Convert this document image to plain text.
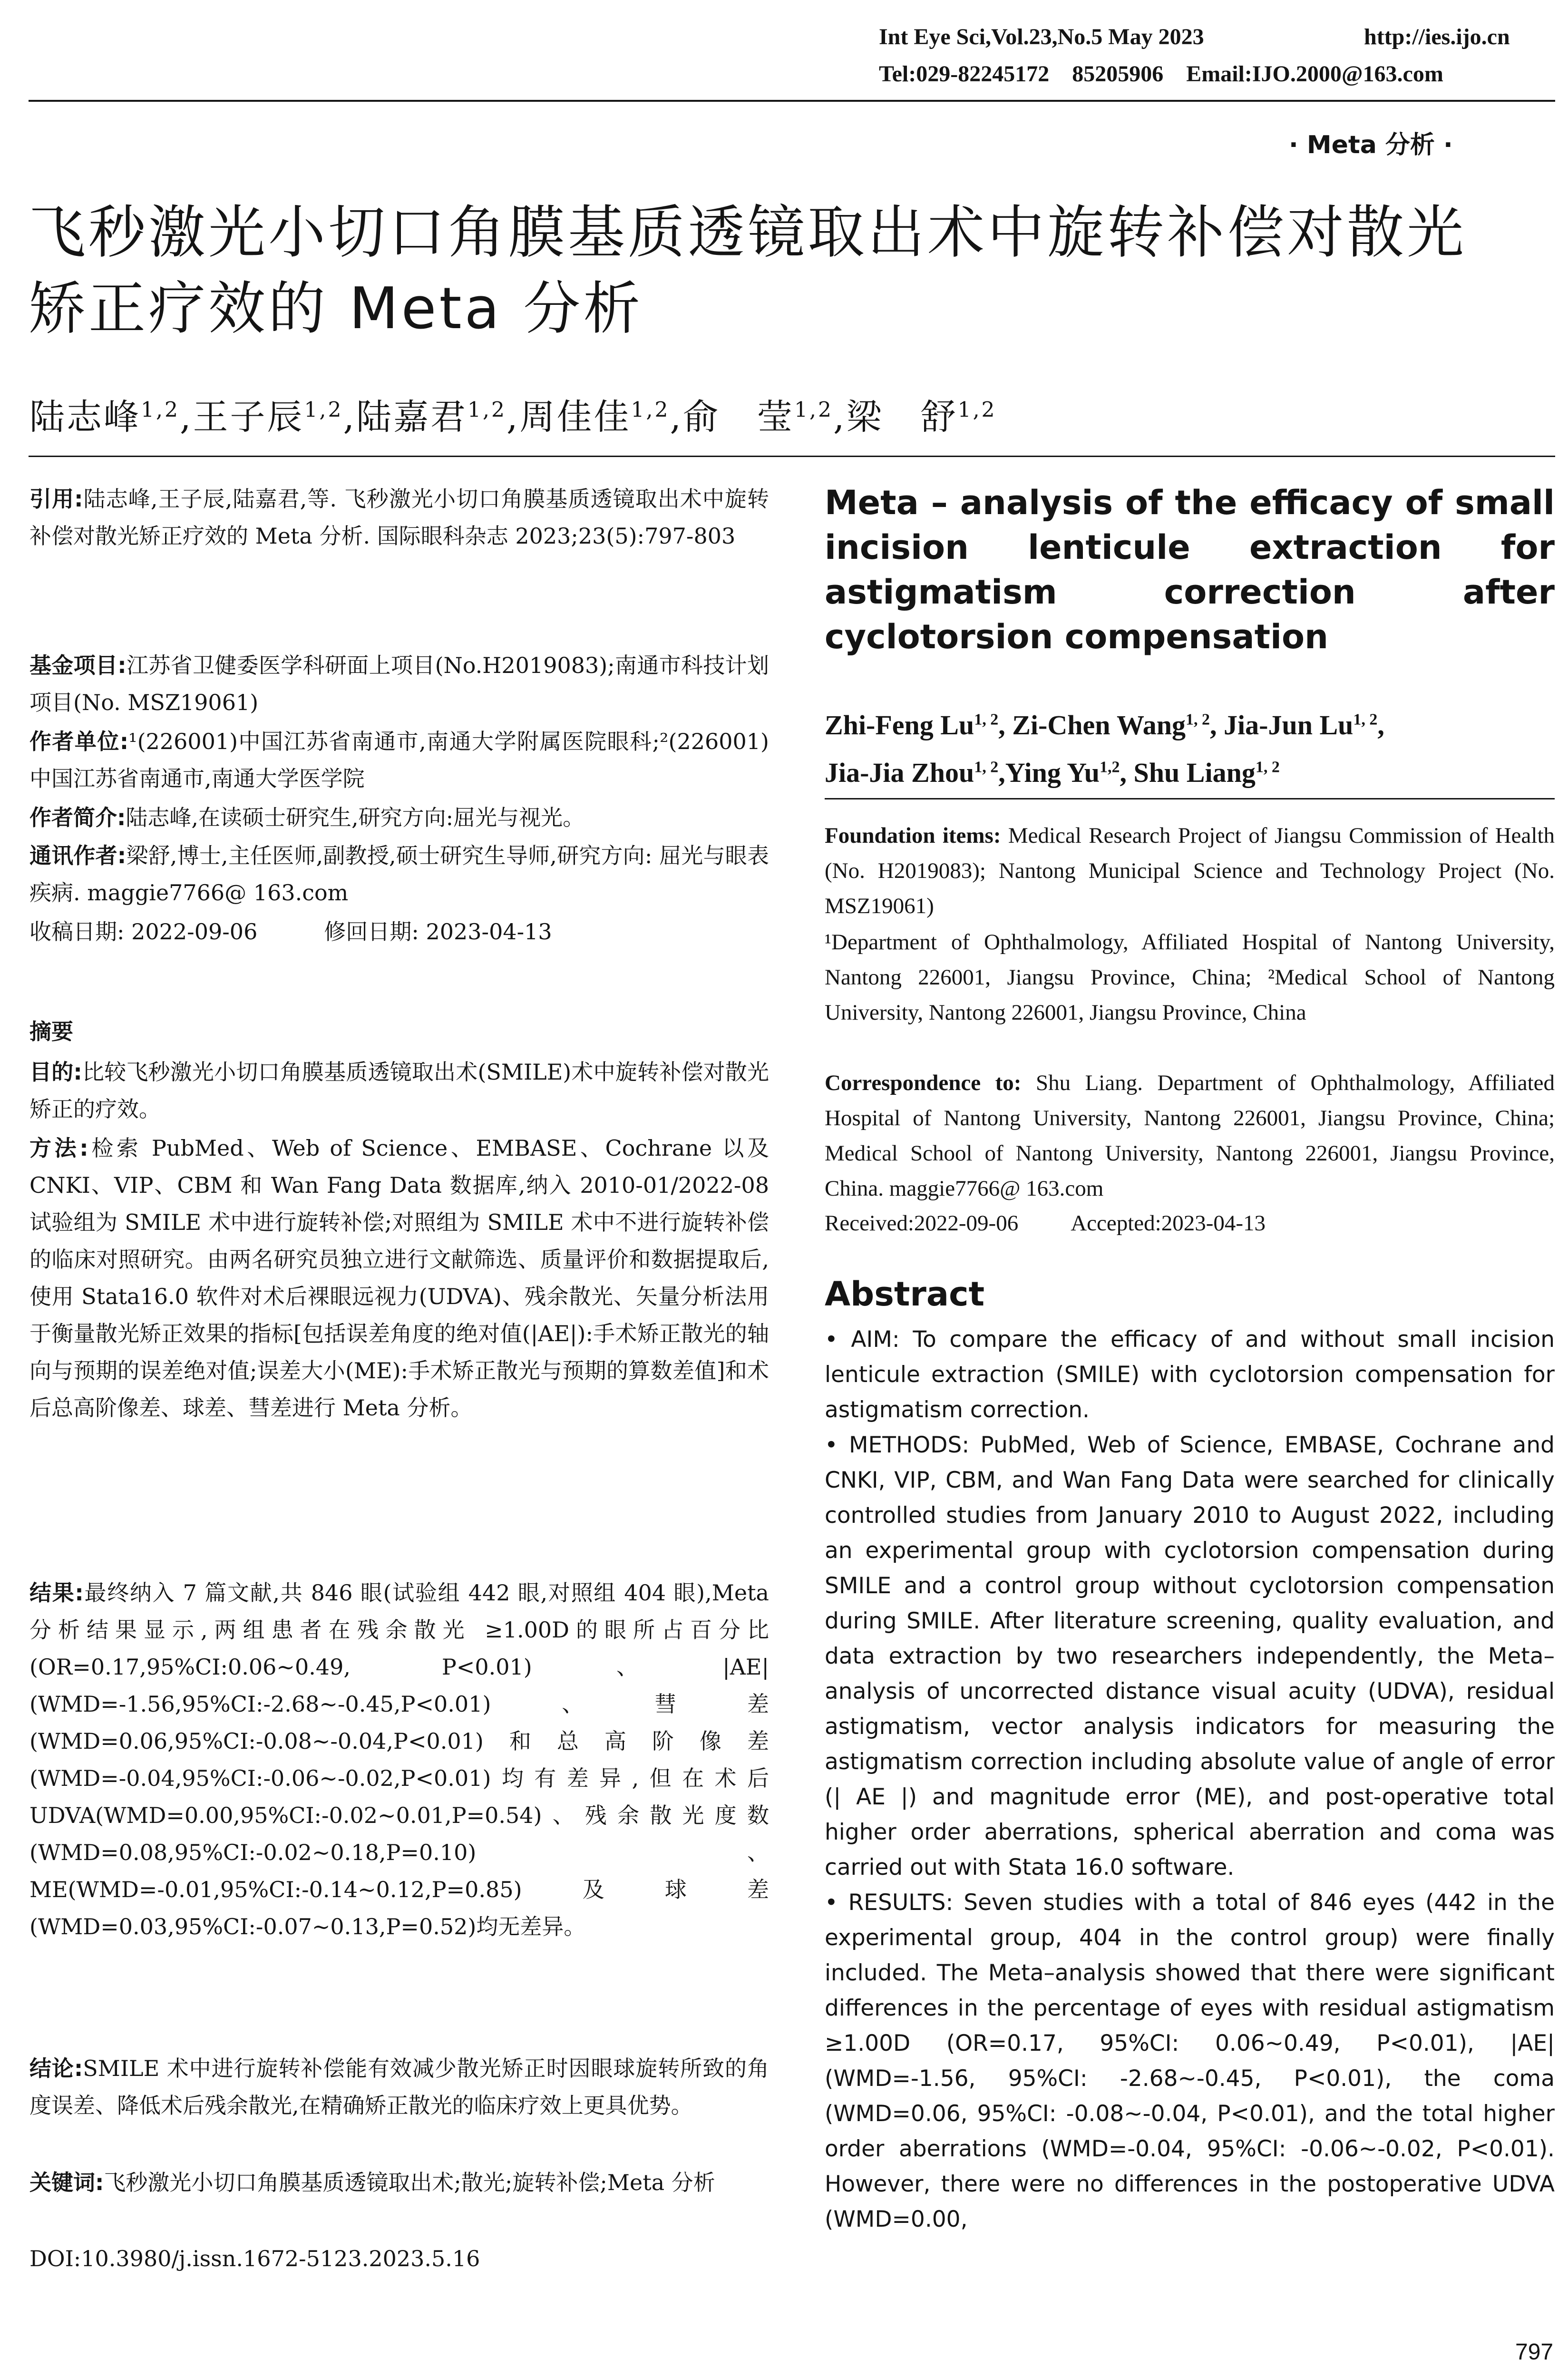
Int Eye Sci,Vol.23,No.5 May 2023	http://ies.ijo.cn
Tel:029-82245172    85205906    Email:IJO.2000@163.com
· Meta 分析 ·
飞秒激光小切口角膜基质透镜取出术中旋转补偿对散光
矫正疗效的 Meta 分析
陆志峰$^{1,2}$,王子辰$^{1,2}$,陆嘉君$^{1,2}$,周佳佳$^{1,2}$,俞　莹$^{1,2}$,梁　舒$^{1,2}$

引用:陆志峰,王子辰,陆嘉君,等. 飞秒激光小切口角膜基质透镜取出术中旋转补偿对散光矫正疗效的 Meta 分析. 国际眼科杂志 2023;23(5):797-803

基金项目:江苏省卫健委医学科研面上项目(No.H2019083);南通市科技计划项目(No. MSZ19061)

作者单位:¹(226001)中国江苏省南通市,南通大学附属医院眼科;²(226001)中国江苏省南通市,南通大学医学院

作者简介:陆志峰,在读硕士研究生,研究方向:屈光与视光。

通讯作者:梁舒,博士,主任医师,副教授,硕士研究生导师,研究方向: 屈光与眼表疾病. maggie7766@ 163.com

收稿日期: 2022-09-06	修回日期: 2023-04-13
摘要

目的:比较飞秒激光小切口角膜基质透镜取出术(SMILE)术中旋转补偿对散光矫正的疗效。

方法:检索 PubMed、Web of Science、EMBASE、Cochrane 以及 CNKI、VIP、CBM 和 Wan Fang Data 数据库,纳入 2010-01/2022-08 试验组为 SMILE 术中进行旋转补偿;对照组为 SMILE 术中不进行旋转补偿的临床对照研究。由两名研究员独立进行文献筛选、质量评价和数据提取后,使用 Stata16.0 软件对术后裸眼远视力(UDVA)、残余散光、矢量分析法用于衡量散光矫正效果的指标[包括误差角度的绝对值(|AE|):手术矫正散光的轴向与预期的误差绝对值;误差大小(ME):手术矫正散光与预期的算数差值]和术后总高阶像差、球差、彗差进行 Meta 分析。

结果:最终纳入 7 篇文献,共 846 眼(试验组 442 眼,对照组 404 眼),Meta 分析结果显示,两组患者在残余散光 ≥1.00D的眼所占百分比(OR=0.17,95%CI:0.06~0.49, P<0.01)、|AE|(WMD=-1.56,95%CI:-2.68~-0.45,P<0.01)、彗差(WMD=0.06,95%CI:-0.08~-0.04,P<0.01)和总高阶像差(WMD=-0.04,95%CI:-0.06~-0.02,P<0.01)均有差异,但在术后 UDVA(WMD=0.00,95%CI:-0.02~0.01,P=0.54)、残余散光度数(WMD=0.08,95%CI:-0.02~0.18,P=0.10)、ME(WMD=-0.01,95%CI:-0.14~0.12,P=0.85)及球差(WMD=0.03,95%CI:-0.07~0.13,P=0.52)均无差异。

结论:SMILE 术中进行旋转补偿能有效减少散光矫正时因眼球旋转所致的角度误差、降低术后残余散光,在精确矫正散光的临床疗效上更具优势。

关键词:飞秒激光小切口角膜基质透镜取出术;散光;旋转补偿;Meta 分析

DOI:10.3980/j.issn.1672-5123.2023.5.16
Meta – analysis of the efficacy of small incision lenticule extraction for astigmatism correction after cyclotorsion compensation
Zhi-Feng Lu$^{1, 2}$, Zi-Chen Wang$^{1, 2}$, Jia-Jun Lu$^{1, 2}$,
Jia-Jia Zhou$^{1, 2}$,Ying Yu$^{1,2}$, Shu Liang$^{1, 2}$
Foundation items: Medical Research Project of Jiangsu Commission of Health (No. H2019083); Nantong Municipal Science and Technology Project (No. MSZ19061)
¹Department of Ophthalmology, Affiliated Hospital of Nantong University, Nantong 226001, Jiangsu Province, China; ²Medical School of Nantong University, Nantong 226001, Jiangsu Province, China
Correspondence to: Shu Liang. Department of Ophthalmology, Affiliated Hospital of Nantong University, Nantong 226001, Jiangsu Province, China; Medical School of Nantong University, Nantong 226001, Jiangsu Province, China. maggie7766@ 163.com
Received:2022-09-06 Accepted:2023-04-13
Abstract

• AIM: To compare the efficacy of and without small incision lenticule extraction (SMILE) with cyclotorsion compensation for astigmatism correction.

• METHODS: PubMed, Web of Science, EMBASE, Cochrane and CNKI, VIP, CBM, and Wan Fang Data were searched for clinically controlled studies from January 2010 to August 2022, including an experimental group with cyclotorsion compensation during SMILE and a control group without cyclotorsion compensation during SMILE. After literature screening, quality evaluation, and data extraction by two researchers independently, the Meta–analysis of uncorrected distance visual acuity (UDVA), residual astigmatism, vector analysis indicators for measuring the astigmatism correction including absolute value of angle of error (| AE |) and magnitude error (ME), and post-operative total higher order aberrations, spherical aberration and coma was carried out with Stata 16.0 software.

• RESULTS: Seven studies with a total of 846 eyes (442 in the experimental group, 404 in the control group) were finally included. The Meta–analysis showed that there were significant differences in the percentage of eyes with residual astigmatism ≥1.00D (OR=0.17, 95%CI: 0.06~0.49, P<0.01), |AE| (WMD=-1.56, 95%CI: -2.68~-0.45, P<0.01), the coma (WMD=0.06, 95%CI: -0.08~-0.04, P<0.01), and the total higher order aberrations (WMD=-0.04, 95%CI: -0.06~-0.02, P<0.01). However, there were no differences in the postoperative UDVA (WMD=0.00,

797
